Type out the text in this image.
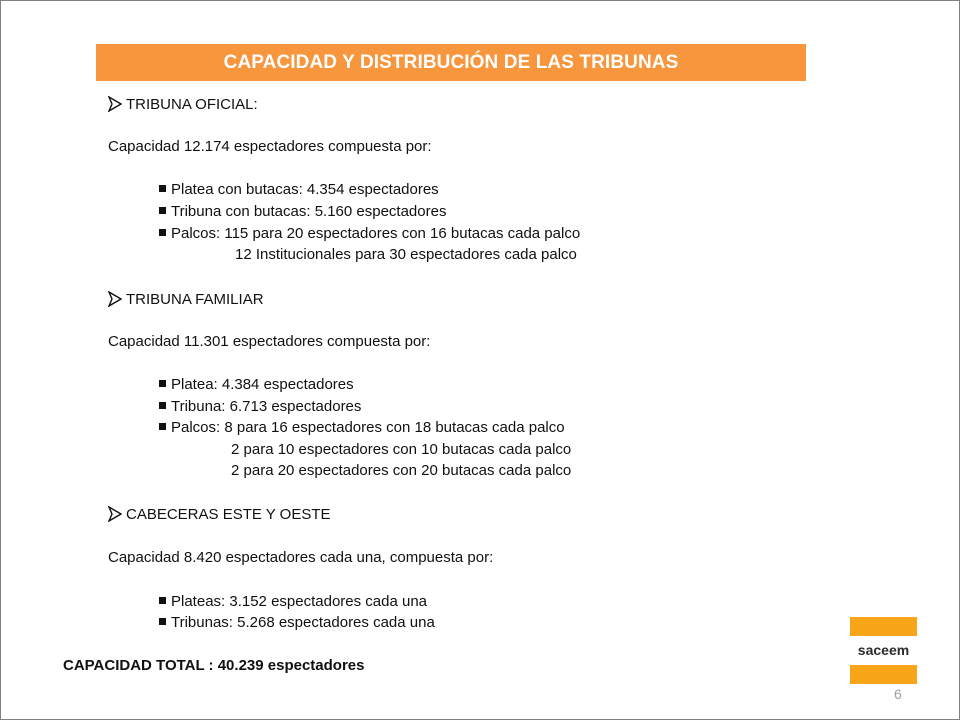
CAPACIDAD Y DISTRIBUCIÓN DE LAS TRIBUNAS
TRIBUNA OFICIAL:
Capacidad 12.174 espectadores compuesta por:
Platea con butacas: 4.354 espectadores
Tribuna con butacas: 5.160 espectadores
Palcos: 115 para 20 espectadores con 16 butacas cada palco
12 Institucionales para 30 espectadores cada palco
TRIBUNA FAMILIAR
Capacidad 11.301 espectadores compuesta por:
Platea: 4.384 espectadores
Tribuna: 6.713 espectadores
Palcos: 8 para 16 espectadores con 18 butacas cada palco
2 para 10 espectadores con 10 butacas cada palco
2 para 20 espectadores con 20 butacas cada palco
CABECERAS ESTE Y OESTE
Capacidad 8.420 espectadores cada una, compuesta por:
Plateas: 3.152 espectadores cada una
Tribunas: 5.268 espectadores cada una
CAPACIDAD TOTAL : 40.239 espectadores
saceem
6
